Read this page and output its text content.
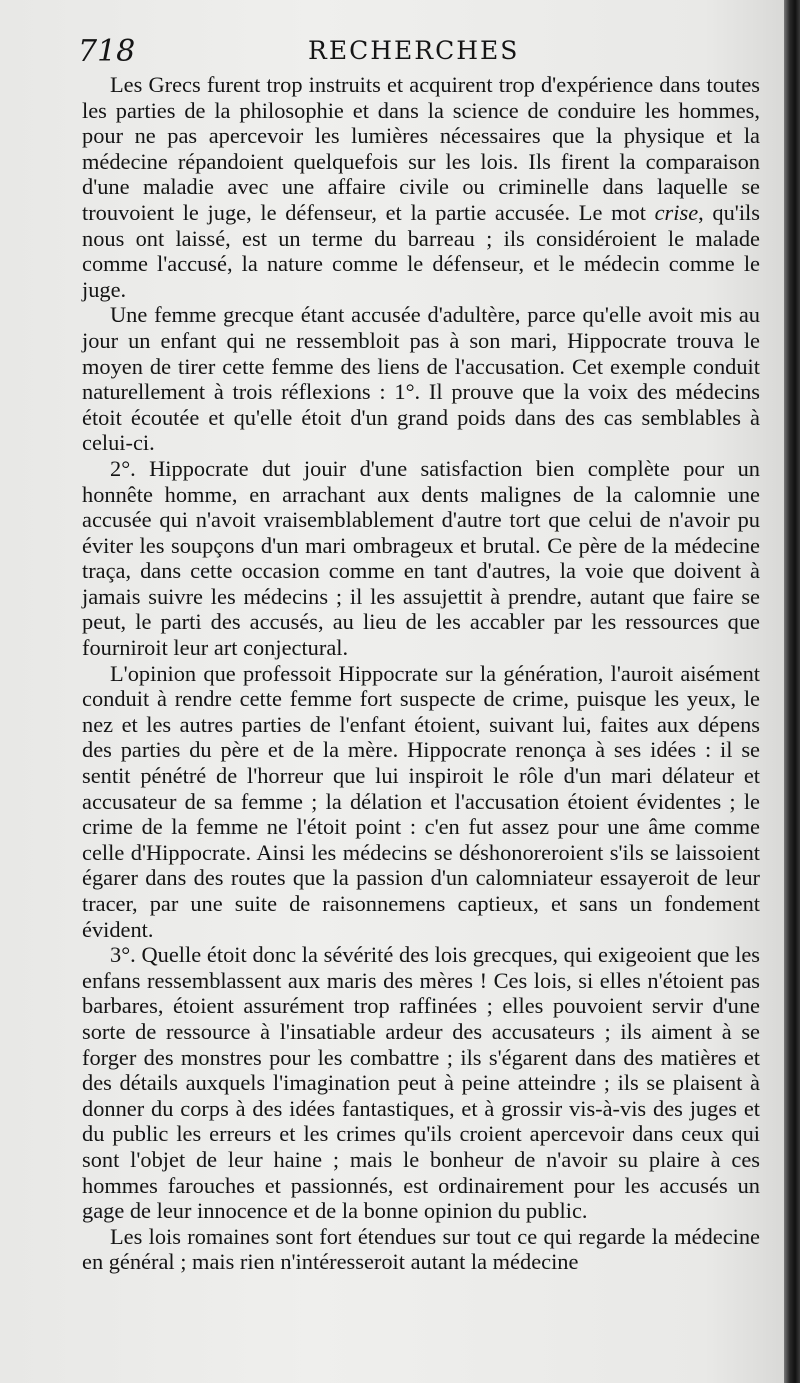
718	RECHERCHES

Les Grecs furent trop instruits et acquirent trop d'expérience dans toutes les parties de la philosophie et dans la science de conduire les hommes, pour ne pas apercevoir les lumières nécessaires que la physique et la médecine répandoient quelquefois sur les lois. Ils firent la comparaison d'une maladie avec une affaire civile ou criminelle dans laquelle se trouvoient le juge, le défenseur, et la partie accusée. Le mot crise, qu'ils nous ont laissé, est un terme du barreau ; ils considéroient le malade comme l'accusé, la nature comme le défenseur, et le médecin comme le juge.

Une femme grecque étant accusée d'adultère, parce qu'elle avoit mis au jour un enfant qui ne ressembloit pas à son mari, Hippocrate trouva le moyen de tirer cette femme des liens de l'accusation. Cet exemple conduit naturellement à trois réflexions : 1°. Il prouve que la voix des médecins étoit écoutée et qu'elle étoit d'un grand poids dans des cas semblables à celui-ci.

2°. Hippocrate dut jouir d'une satisfaction bien complète pour un honnête homme, en arrachant aux dents malignes de la calomnie une accusée qui n'avoit vraisemblablement d'autre tort que celui de n'avoir pu éviter les soupçons d'un mari ombrageux et brutal. Ce père de la médecine traça, dans cette occasion comme en tant d'autres, la voie que doivent à jamais suivre les médecins ; il les assujettit à prendre, autant que faire se peut, le parti des accusés, au lieu de les accabler par les ressources que fourniroit leur art conjectural.

L'opinion que professoit Hippocrate sur la génération, l'auroit aisément conduit à rendre cette femme fort suspecte de crime, puisque les yeux, le nez et les autres parties de l'enfant étoient, suivant lui, faites aux dépens des parties du père et de la mère. Hippocrate renonça à ses idées : il se sentit pénétré de l'horreur que lui inspiroit le rôle d'un mari délateur et accusateur de sa femme ; la délation et l'accusation étoient évidentes ; le crime de la femme ne l'étoit point : c'en fut assez pour une âme comme celle d'Hippocrate. Ainsi les médecins se déshonoreroient s'ils se laissoient égarer dans des routes que la passion d'un calomniateur essayeroit de leur tracer, par une suite de raisonnemens captieux, et sans un fondement évident.

3°. Quelle étoit donc la sévérité des lois grecques, qui exigeoient que les enfans ressemblassent aux maris des mères ! Ces lois, si elles n'étoient pas barbares, étoient assurément trop raffinées ; elles pouvoient servir d'une sorte de ressource à l'insatiable ardeur des accusateurs ; ils aiment à se forger des monstres pour les combattre ; ils s'égarent dans des matières et des détails auxquels l'imagination peut à peine atteindre ; ils se plaisent à donner du corps à des idées fantastiques, et à grossir vis-à-vis des juges et du public les erreurs et les crimes qu'ils croient apercevoir dans ceux qui sont l'objet de leur haine ; mais le bonheur de n'avoir su plaire à ces hommes farouches et passionnés, est ordinairement pour les accusés un gage de leur innocence et de la bonne opinion du public.

Les lois romaines sont fort étendues sur tout ce qui regarde la médecine en général ; mais rien n'intéresseroit autant la médecine
